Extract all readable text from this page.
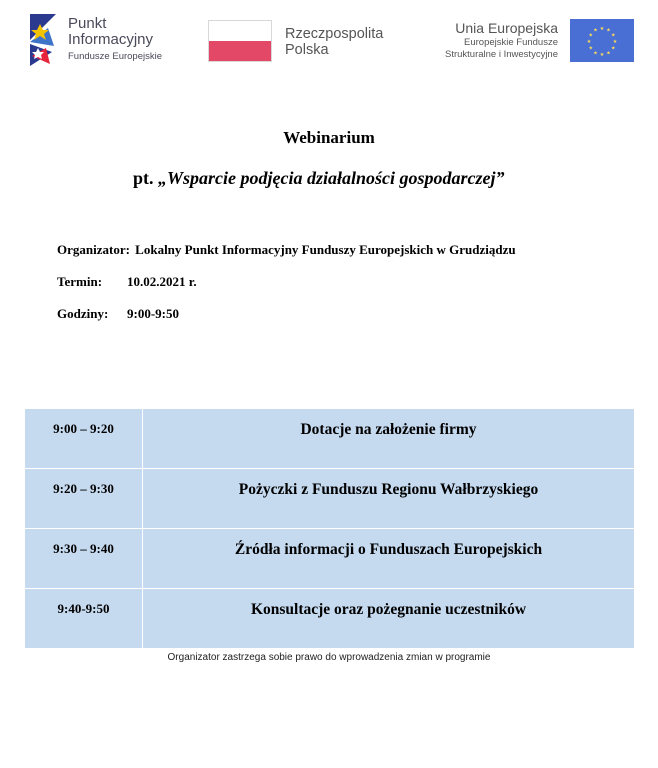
Punkt
Informacyjny
Fundusze Europejskie
Rzeczpospolita
Polska
Unia Europejska
Europejskie Fundusze
Strukturalne i Inwestycyjne
★ ★
★
★
★
★
★
★
★
★
★
★
Webinarium
pt. „Wsparcie podjęcia działalności gospodarczej”
Organizator: Lokalny Punkt Informacyjny Funduszy Europejskich w Grudziądzu
Termin: 10.02.2021 r.
Godziny: 9:00-9:50
9:00 – 9:20	Dotacje na założenie firmy
9:20 – 9:30	Pożyczki z Funduszu Regionu Wałbrzyskiego
9:30 – 9:40	Źródła informacji o Funduszach Europejskich
9:40-9:50	Konsultacje oraz pożegnanie uczestników
Organizator zastrzega sobie prawo do wprowadzenia zmian w programie
